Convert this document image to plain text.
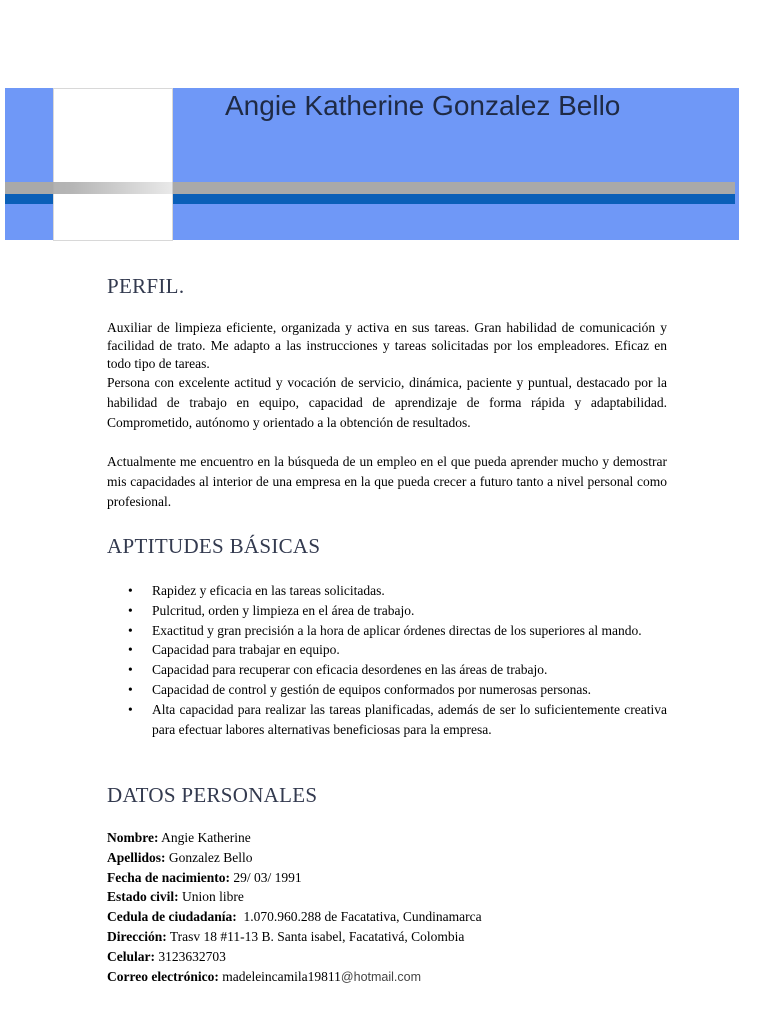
Angie Katherine Gonzalez Bello
PERFIL.

Auxiliar de limpieza eficiente, organizada y activa en sus tareas. Gran habilidad de comunicación y facilidad de trato. Me adapto a las instrucciones y tareas solicitadas por los empleadores. Eficaz en todo tipo de tareas.

Persona con excelente actitud y vocación de servicio, dinámica, paciente y puntual, destacado por la habilidad de trabajo en equipo, capacidad de aprendizaje de forma rápida y adaptabilidad. Comprometido, autónomo y orientado a la obtención de resultados.

Actualmente me encuentro en la búsqueda de un empleo en el que pueda aprender mucho y demostrar mis capacidades al interior de una empresa en la que pueda crecer a futuro tanto a nivel personal como profesional.

APTITUDES BÁSICAS
• Rapidez y eficacia en las tareas solicitadas.
• Pulcritud, orden y limpieza en el área de trabajo.
• Exactitud y gran precisión a la hora de aplicar órdenes directas de los superiores al mando.
• Capacidad para trabajar en equipo.
• Capacidad para recuperar con eficacia desordenes en las áreas de trabajo.
• Capacidad de control y gestión de equipos conformados por numerosas personas.
• Alta capacidad para realizar las tareas planificadas, además de ser lo suficientemente creativa para efectuar labores alternativas beneficiosas para la empresa.
DATOS PERSONALES
Nombre: Angie Katherine
Apellidos: Gonzalez Bello
Fecha de nacimiento: 29/ 03/ 1991
Estado civil: Union libre
Cedula de ciudadanía: 1.070.960.288 de Facatativa, Cundinamarca
Dirección: Trasv 18 #11-13 B. Santa isabel, Facatativá, Colombia
Celular: 3123632703
Correo electrónico: madeleincamila19811@hotmail.com
